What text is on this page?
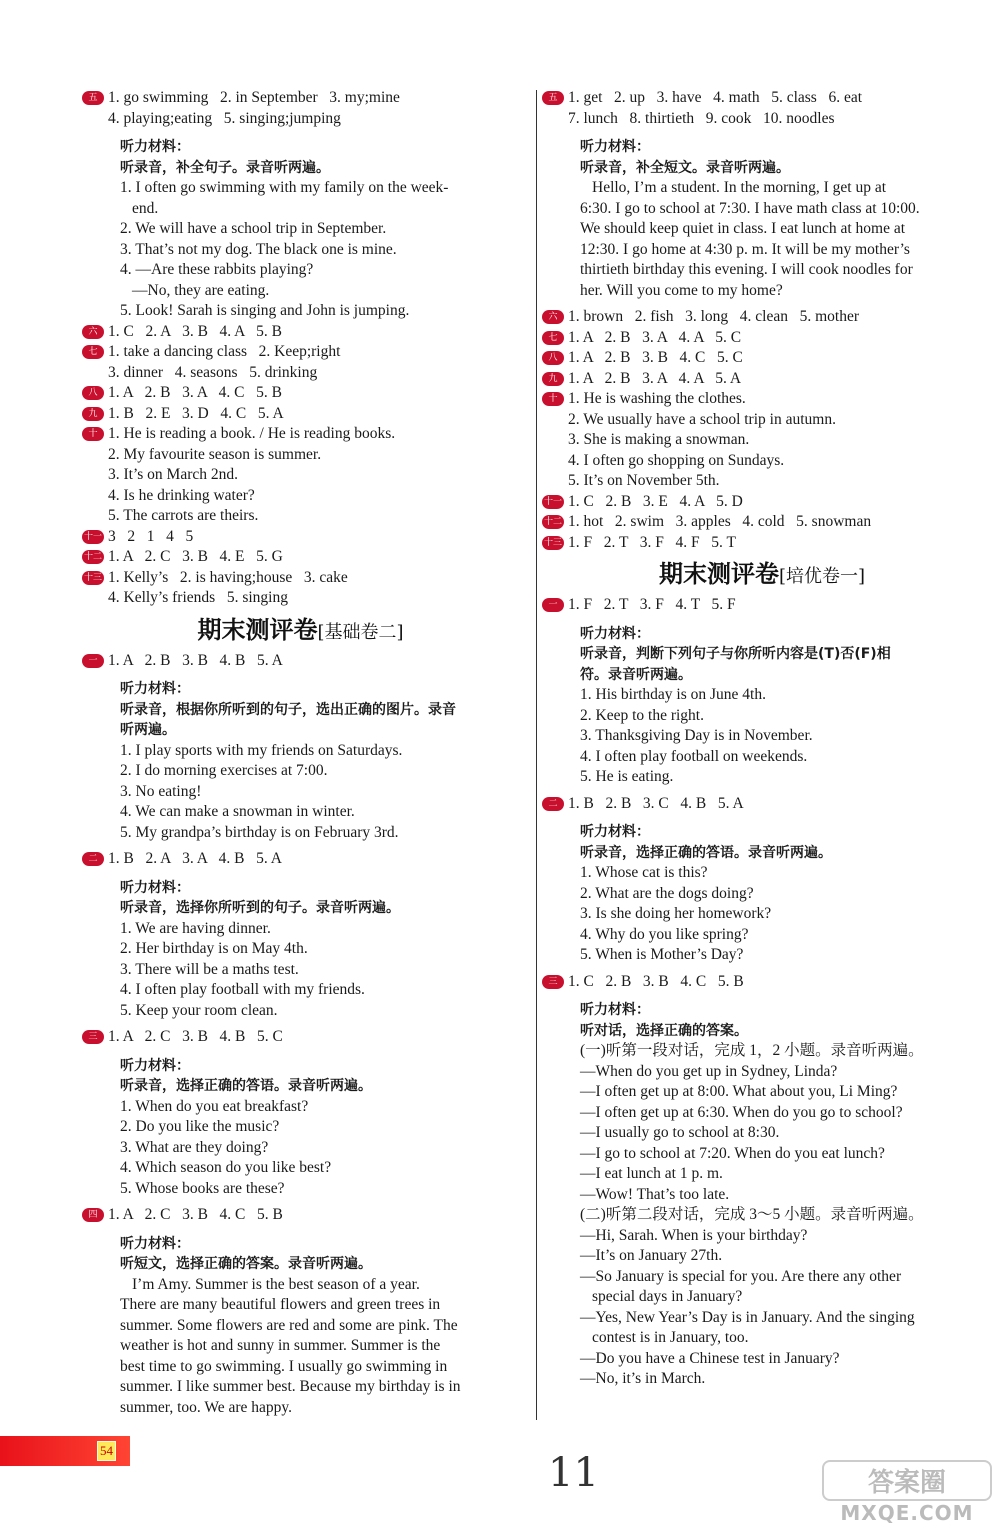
五 1. go swimming   2. in September   3. my;mine
4. playing;eating   5. singing;jumping
听力材料：
听录音，补全句子。录音听两遍。
1. I often go swimming with my family on the week-
end.
2. We will have a school trip in September.
3. That’s not my dog. The black one is mine.
4. —Are these rabbits playing?
—No, they are eating.
5. Look! Sarah is singing and John is jumping.
六 1. C   2. A   3. B   4. A   5. B
七 1. take a dancing class   2. Keep;right
3. dinner   4. seasons   5. drinking
八 1. A   2. B   3. A   4. C   5. B
九 1. B   2. E   3. D   4. C   5. A
十 1. He is reading a book. / He is reading books.
2. My favourite season is summer.
3. It’s on March 2nd.
4. Is he drinking water?
5. The carrots are theirs.
十一 3   2   1   4   5
十二 1. A   2. C   3. B   4. E   5. G
十三 1. Kelly’s   2. is having;house   3. cake
4. Kelly’s friends   5. singing
期末测评卷[基础卷二]
一 1. A   2. B   3. B   4. B   5. A
听力材料：
听录音，根据你所听到的句子，选出正确的图片。录音
听两遍。
1. I play sports with my friends on Saturdays.
2. I do morning exercises at 7:00.
3. No eating!
4. We can make a snowman in winter.
5. My grandpa’s birthday is on February 3rd.
二 1. B   2. A   3. A   4. B   5. A
听力材料：
听录音，选择你所听到的句子。录音听两遍。
1. We are having dinner.
2. Her birthday is on May 4th.
3. There will be a maths test.
4. I often play football with my friends.
5. Keep your room clean.
三 1. A   2. C   3. B   4. B   5. C
听力材料：
听录音，选择正确的答语。录音听两遍。
1. When do you eat breakfast?
2. Do you like the music?
3. What are they doing?
4. Which season do you like best?
5. Whose books are these?
四 1. A   2. C   3. B   4. C   5. B
听力材料：
听短文，选择正确的答案。录音听两遍。
I’m Amy. Summer is the best season of a year.
There are many beautiful flowers and green trees in
summer. Some flowers are red and some are pink. The
weather is hot and sunny in summer. Summer is the
best time to go swimming. I usually go swimming in
summer. I like summer best. Because my birthday is in
summer, too. We are happy.
五 1. get   2. up   3. have   4. math   5. class   6. eat
7. lunch   8. thirtieth   9. cook   10. noodles
听力材料：
听录音，补全短文。录音听两遍。
Hello, I’m a student. In the morning, I get up at
6:30. I go to school at 7:30. I have math class at 10:00.
We should keep quiet in class. I eat lunch at home at
12:30. I go home at 4:30 p. m. It will be my mother’s
thirtieth birthday this evening. I will cook noodles for
her. Will you come to my home?
六 1. brown   2. fish   3. long   4. clean   5. mother
七 1. A   2. B   3. A   4. A   5. C
八 1. A   2. B   3. B   4. C   5. C
九 1. A   2. B   3. A   4. A   5. A
十 1. He is washing the clothes.
2. We usually have a school trip in autumn.
3. She is making a snowman.
4. I often go shopping on Sundays.
5. It’s on November 5th.
十一 1. C   2. B   3. E   4. A   5. D
十二 1. hot   2. swim   3. apples   4. cold   5. snowman
十三 1. F   2. T   3. F   4. F   5. T
期末测评卷[培优卷一]
一 1. F   2. T   3. F   4. T   5. F
听力材料：
听录音，判断下列句子与你所听内容是(T)否(F)相
符。录音听两遍。
1. His birthday is on June 4th.
2. Keep to the right.
3. Thanksgiving Day is in November.
4. I often play football on weekends.
5. He is eating.
二 1. B   2. B   3. C   4. B   5. A
听力材料：
听录音，选择正确的答语。录音听两遍。
1. Whose cat is this?
2. What are the dogs doing?
3. Is she doing her homework?
4. Why do you like spring?
5. When is Mother’s Day?
三 1. C   2. B   3. B   4. C   5. B
听力材料：
听对话，选择正确的答案。
(一)听第一段对话，完成 1，2 小题。录音听两遍。
—When do you get up in Sydney, Linda?
—I often get up at 8:00. What about you, Li Ming?
—I often get up at 6:30. When do you go to school?
—I usually go to school at 8:30.
—I go to school at 7:20. When do you eat lunch?
—I eat lunch at 1 p. m.
—Wow! That’s too late.
(二)听第二段对话，完成 3～5 小题。录音听两遍。
—Hi, Sarah. When is your birthday?
—It’s on January 27th.
—So January is special for you. Are there any other
special days in January?
—Yes, New Year’s Day is in January. And the singing
contest is in January, too.
—Do you have a Chinese test in January?
—No, it’s in March.
54	11	答案圈
MXQE.COM
